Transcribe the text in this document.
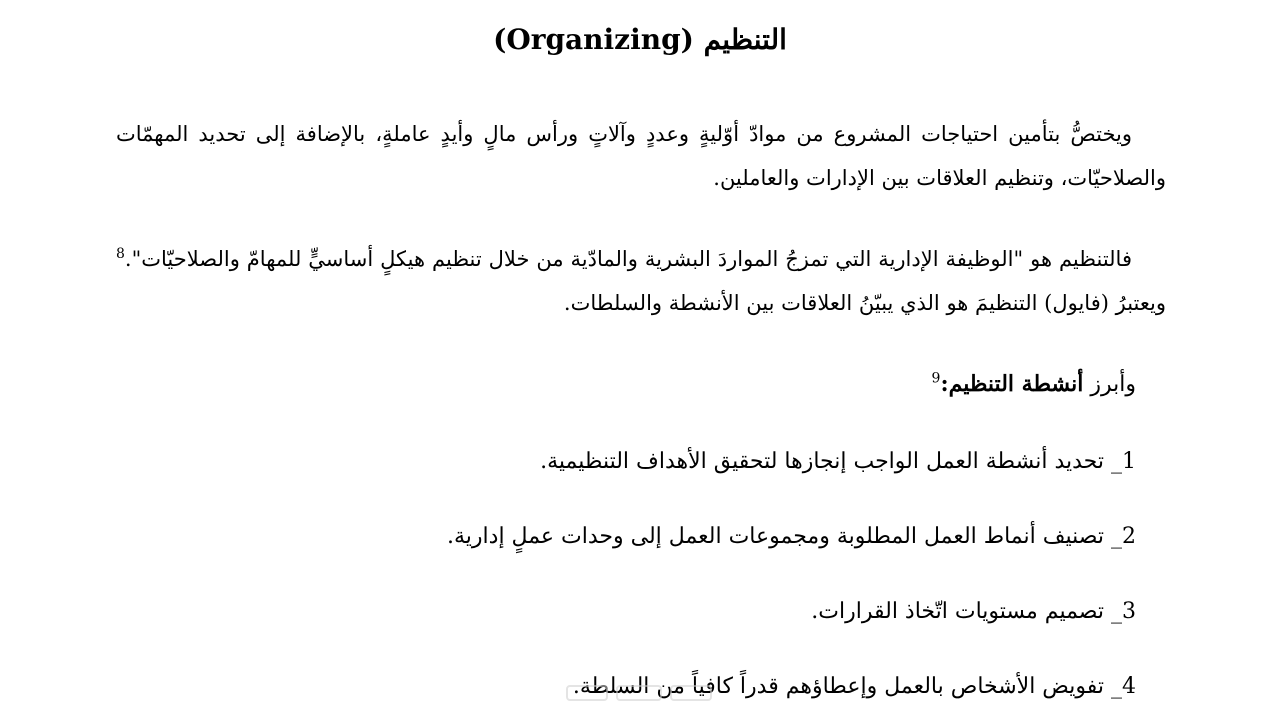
التنظيم (Organizing)

ويختصُّ بتأمين احتياجات المشروع من موادّ أوّليةٍ وعددٍ وآلاتٍ ورأس مالٍ وأيدٍ عاملةٍ، بالإضافة إلى تحديد المهمّات والصلاحيّات، وتنظيم العلاقات بين الإدارات والعاملين.

فالتنظيم هو "الوظيفة الإدارية التي تمزجُ المواردَ البشرية والمادّية من خلال تنظيم هيكلٍ أساسيٍّ للمهامّ والصلاحيّات".$^8$ ويعتبرُ (فايول) التنظيمَ هو الذي يبيّنُ العلاقات بين الأنشطة والسلطات.

وأبرز أنشطة التنظيم:$^9$
1_ تحديد أنشطة العمل الواجب إنجازها لتحقيق الأهداف التنظيمية.
2_ تصنيف أنماط العمل المطلوبة ومجموعات العمل إلى وحدات عملٍ إدارية.
3_ تصميم مستويات اتّخاذ القرارات.
4_ تفويض الأشخاص بالعمل وإعطاؤهم قدراً كافياً من السلطة.
